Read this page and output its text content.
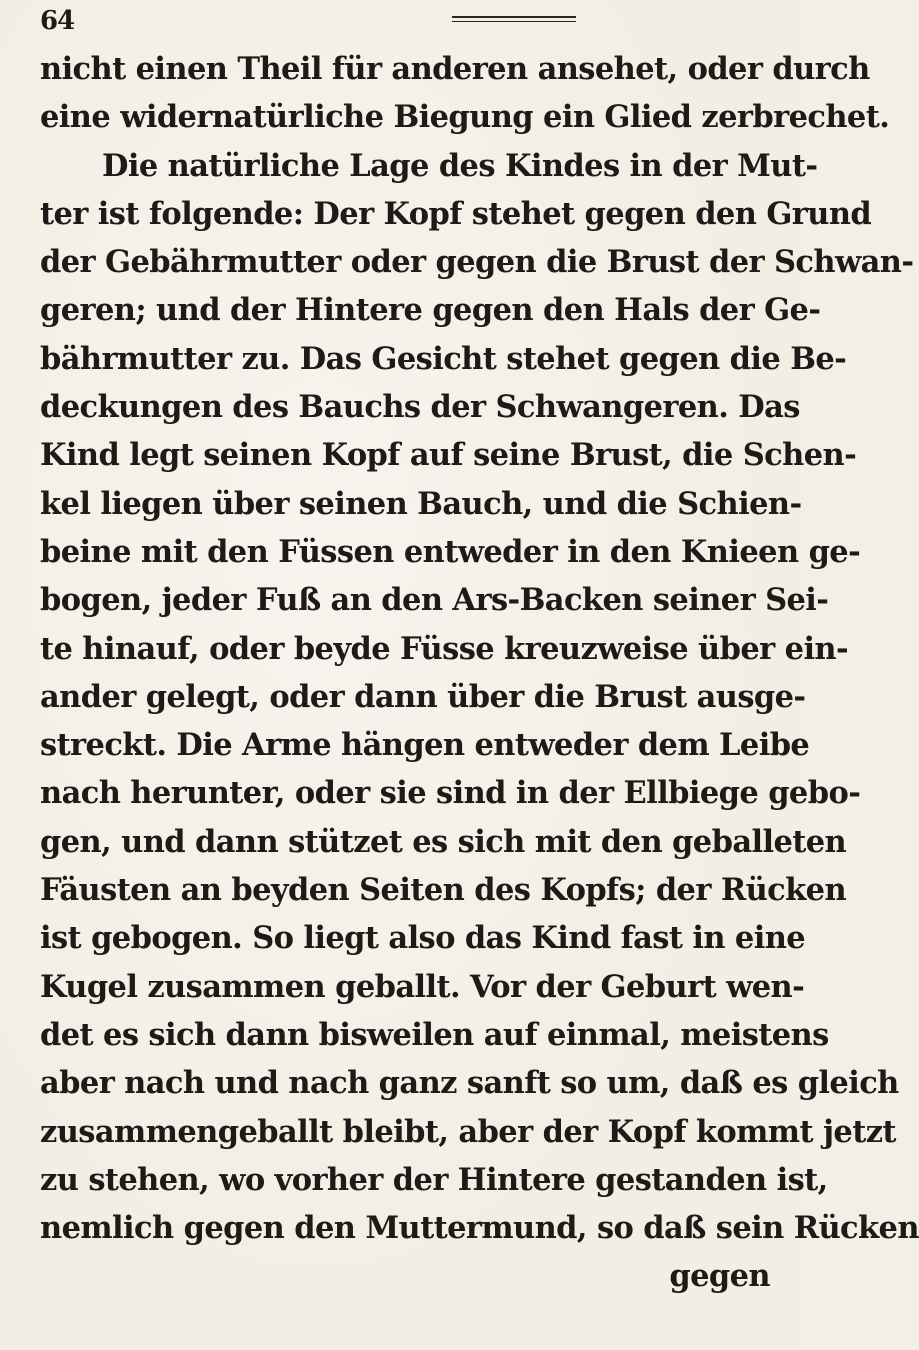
64
nicht einen Theil für anderen ansehet, oder durch
eine widernatürliche Biegung ein Glied zerbrechet.
Die natürliche Lage des Kindes in der Mut-
ter ist folgende: Der Kopf stehet gegen den Grund
der Gebährmutter oder gegen die Brust der Schwan-
geren; und der Hintere gegen den Hals der Ge-
bährmutter zu. Das Gesicht stehet gegen die Be-
deckungen des Bauchs der Schwangeren. Das
Kind legt seinen Kopf auf seine Brust, die Schen-
kel liegen über seinen Bauch, und die Schien-
beine mit den Füssen entweder in den Knieen ge-
bogen, jeder Fuß an den Ars-Backen seiner Sei-
te hinauf, oder beyde Füsse kreuzweise über ein-
ander gelegt, oder dann über die Brust ausge-
streckt. Die Arme hängen entweder dem Leibe
nach herunter, oder sie sind in der Ellbiege gebo-
gen, und dann stützet es sich mit den geballeten
Fäusten an beyden Seiten des Kopfs; der Rücken
ist gebogen. So liegt also das Kind fast in eine
Kugel zusammen geballt. Vor der Geburt wen-
det es sich dann bisweilen auf einmal, meistens
aber nach und nach ganz sanft so um, daß es gleich
zusammengeballt bleibt, aber der Kopf kommt jetzt
zu stehen, wo vorher der Hintere gestanden ist,
nemlich gegen den Muttermund, so daß sein Rücken
gegen
